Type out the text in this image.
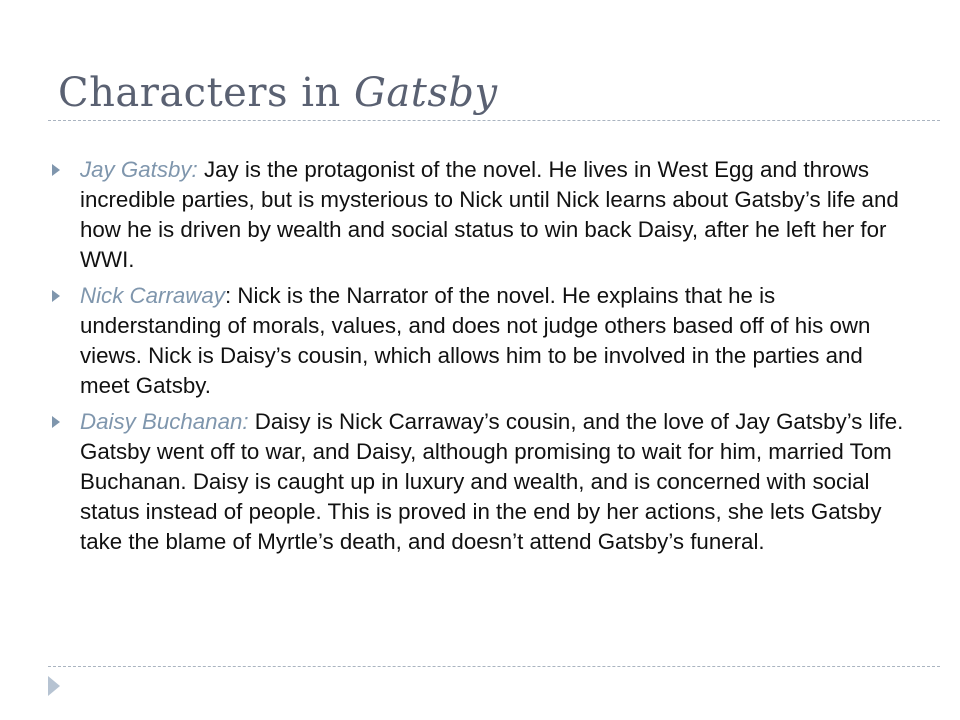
Characters in Gatsby
Jay Gatsby: Jay is the protagonist of the novel. He lives in West Egg and throws incredible parties, but is mysterious to Nick until Nick learns about Gatsby’s life and how he is driven by wealth and social status to win back Daisy, after he left her for WWI.
Nick Carraway: Nick is the Narrator of the novel. He explains that he is understanding of morals, values, and does not judge others based off of his own views. Nick is Daisy’s cousin, which allows him to be involved in the parties and meet Gatsby.
Daisy Buchanan: Daisy is Nick Carraway’s cousin, and the love of Jay Gatsby’s life. Gatsby went off to war, and Daisy, although promising to wait for him, married Tom Buchanan. Daisy is caught up in luxury and wealth, and is concerned with social status instead of people. This is proved in the end by her actions, she lets Gatsby take the blame of Myrtle’s death, and doesn’t attend Gatsby’s funeral.
